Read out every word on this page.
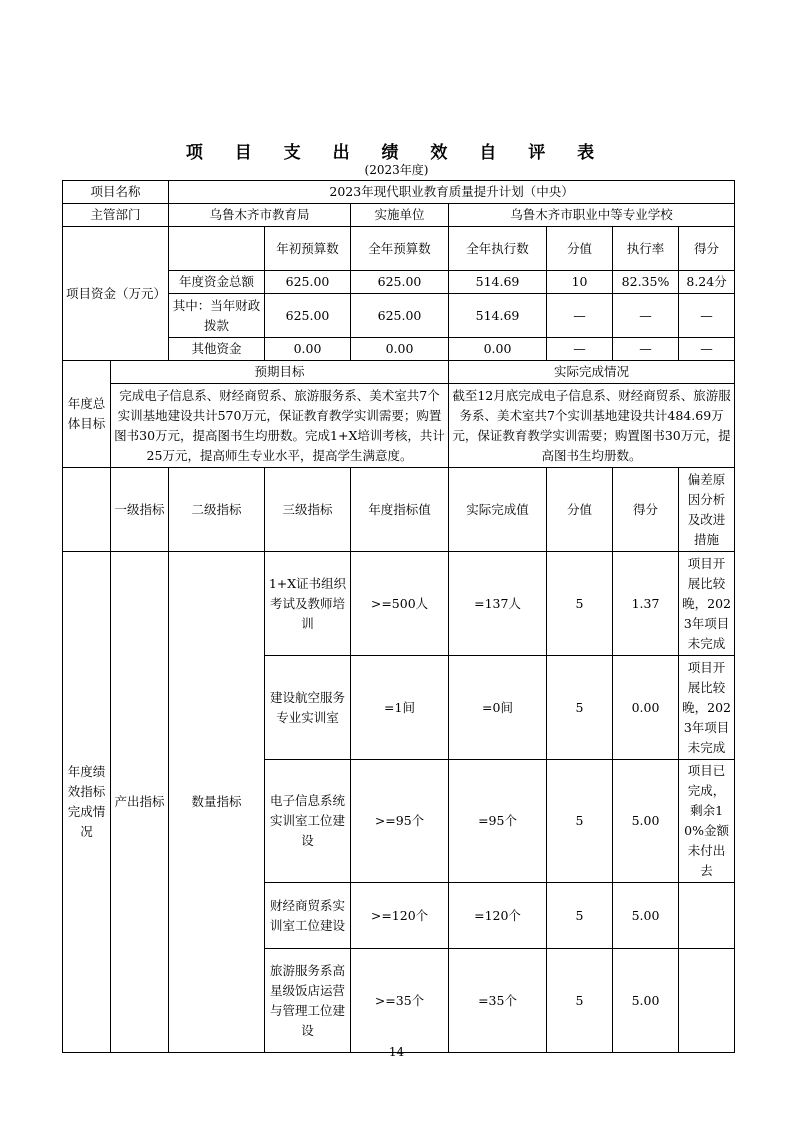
项 目 支 出 绩 效 自 评 表
(2023年度)
项目名称		2023年现代职业教育质量提升计划（中央）						
主管部门		乌鲁木齐市教育局		实施单位	乌鲁木齐市职业中等专业学校			
项目资金（万元）			年初预算数	全年预算数	全年执行数	分值	执行率	得分
		年度资金总额	625.00	625.00	514.69	10	82.35%	8.24分
		其中：当年财政拨款	625.00	625.00	514.69	—	—	—
		其他资金	0.00	0.00	0.00	—	—	—
年度总体目标	预期目标				实际完成情况			
	完成电子信息系、财经商贸系、旅游服务系、美术室共7个实训基地建设共计570万元，保证教育教学实训需要；购置图书30万元，提高图书生均册数。完成1+X培训考核，共计25万元，提高师生专业水平，提高学生满意度。				截至12月底完成电子信息系、财经商贸系、旅游服务系、美术室共7个实训基地建设共计484.69万元，保证教育教学实训需要；购置图书30万元，提高图书生均册数。			
	一级指标	二级指标	三级指标	年度指标值	实际完成值	分值	得分	偏差原因分析及改进措施
年度绩效指标完成情况	产出指标	数量指标	1+X证书组织考试及教师培训	>=500人	=137人	5	1.37	项目开展比较晚，2023年项目未完成
			建设航空服务专业实训室	=1间	=0间	5	0.00	项目开展比较晚，2023年项目未完成
			电子信息系统实训室工位建设	>=95个	=95个	5	5.00	项目已完成，剩余10%金额未付出去
			财经商贸系实训室工位建设	>=120个	=120个	5	5.00	
			旅游服务系高星级饭店运营与管理工位建设	>=35个	=35个	5	5.00	
14
